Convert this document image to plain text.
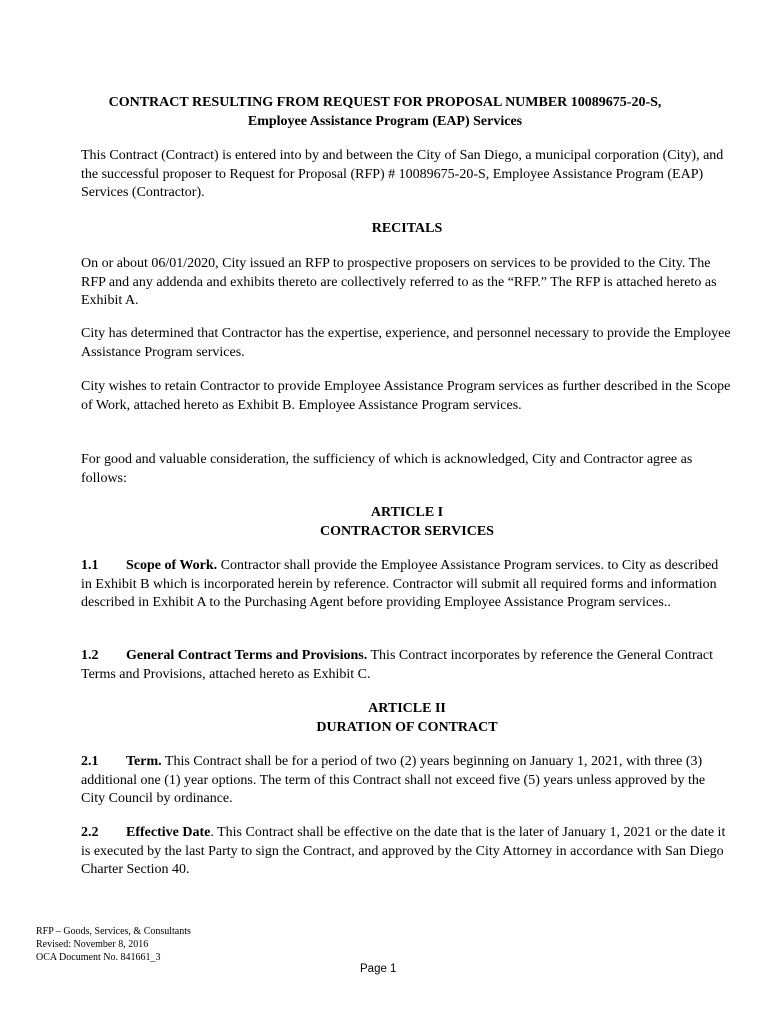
CONTRACT RESULTING FROM REQUEST FOR PROPOSAL NUMBER 10089675-20-S,
Employee Assistance Program (EAP) Services
This Contract (Contract) is entered into by and between the City of San Diego, a municipal corporation (City), and the successful proposer to Request for Proposal (RFP) # 10089675-20-S, Employee Assistance Program (EAP) Services (Contractor).
RECITALS
On or about 06/01/2020, City issued an RFP to prospective proposers on services to be provided to the City. The RFP and any addenda and exhibits thereto are collectively referred to as the “RFP.” The RFP is attached hereto as Exhibit A.
City has determined that Contractor has the expertise, experience, and personnel necessary to provide the Employee Assistance Program services.
City wishes to retain Contractor to provide Employee Assistance Program services as further described in the Scope of Work, attached hereto as Exhibit B. Employee Assistance Program services.
For good and valuable consideration, the sufficiency of which is acknowledged, City and Contractor agree as follows:
ARTICLE I
CONTRACTOR SERVICES
1.1 Scope of Work. Contractor shall provide the Employee Assistance Program services. to City as described in Exhibit B which is incorporated herein by reference. Contractor will submit all required forms and information described in Exhibit A to the Purchasing Agent before providing Employee Assistance Program services..
1.2 General Contract Terms and Provisions. This Contract incorporates by reference the General Contract Terms and Provisions, attached hereto as Exhibit C.
ARTICLE II
DURATION OF CONTRACT
2.1 Term. This Contract shall be for a period of two (2) years beginning on January 1, 2021, with three (3) additional one (1) year options. The term of this Contract shall not exceed five (5) years unless approved by the City Council by ordinance.
2.2 Effective Date. This Contract shall be effective on the date that is the later of January 1, 2021 or the date it is executed by the last Party to sign the Contract, and approved by the City Attorney in accordance with San Diego Charter Section 40.
RFP – Goods, Services, & Consultants
Revised: November 8, 2016
OCA Document No. 841661_3
Page 1
